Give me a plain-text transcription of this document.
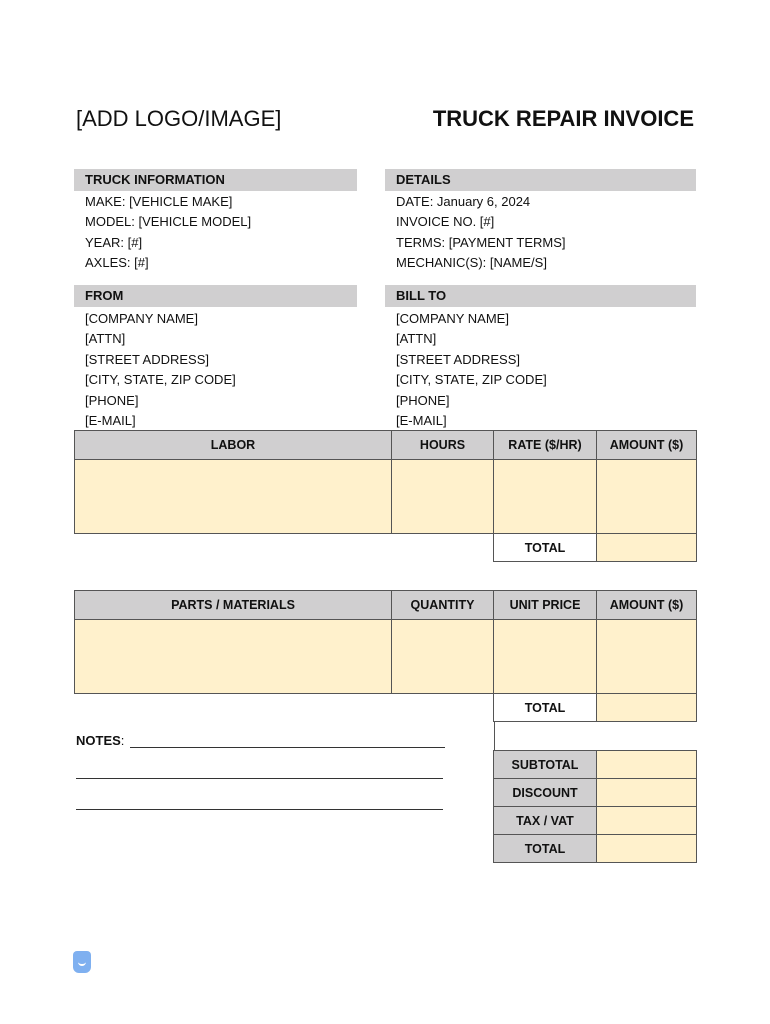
[ADD LOGO/IMAGE]	TRUCK REPAIR INVOICE
TRUCK INFORMATION
MAKE: [VEHICLE MAKE]
MODEL: [VEHICLE MODEL]
YEAR: [#]
AXLES: [#]
DETAILS
DATE: January 6, 2024
INVOICE NO. [#]
TERMS: [PAYMENT TERMS]
MECHANIC(S): [NAME/S]
FROM
[COMPANY NAME]
[ATTN]
[STREET ADDRESS]
[CITY, STATE, ZIP CODE]
[PHONE]
[E-MAIL]
BILL TO
[COMPANY NAME]
[ATTN]
[STREET ADDRESS]
[CITY, STATE, ZIP CODE]
[PHONE]
[E-MAIL]
LABOR	HOURS	RATE ($/HR)	AMOUNT ($)

		TOTAL	
PARTS / MATERIALS	QUANTITY	UNIT PRICE	AMOUNT ($)

		TOTAL	
SUBTOTAL	
DISCOUNT	
TAX / VAT	
TOTAL	
NOTES:
